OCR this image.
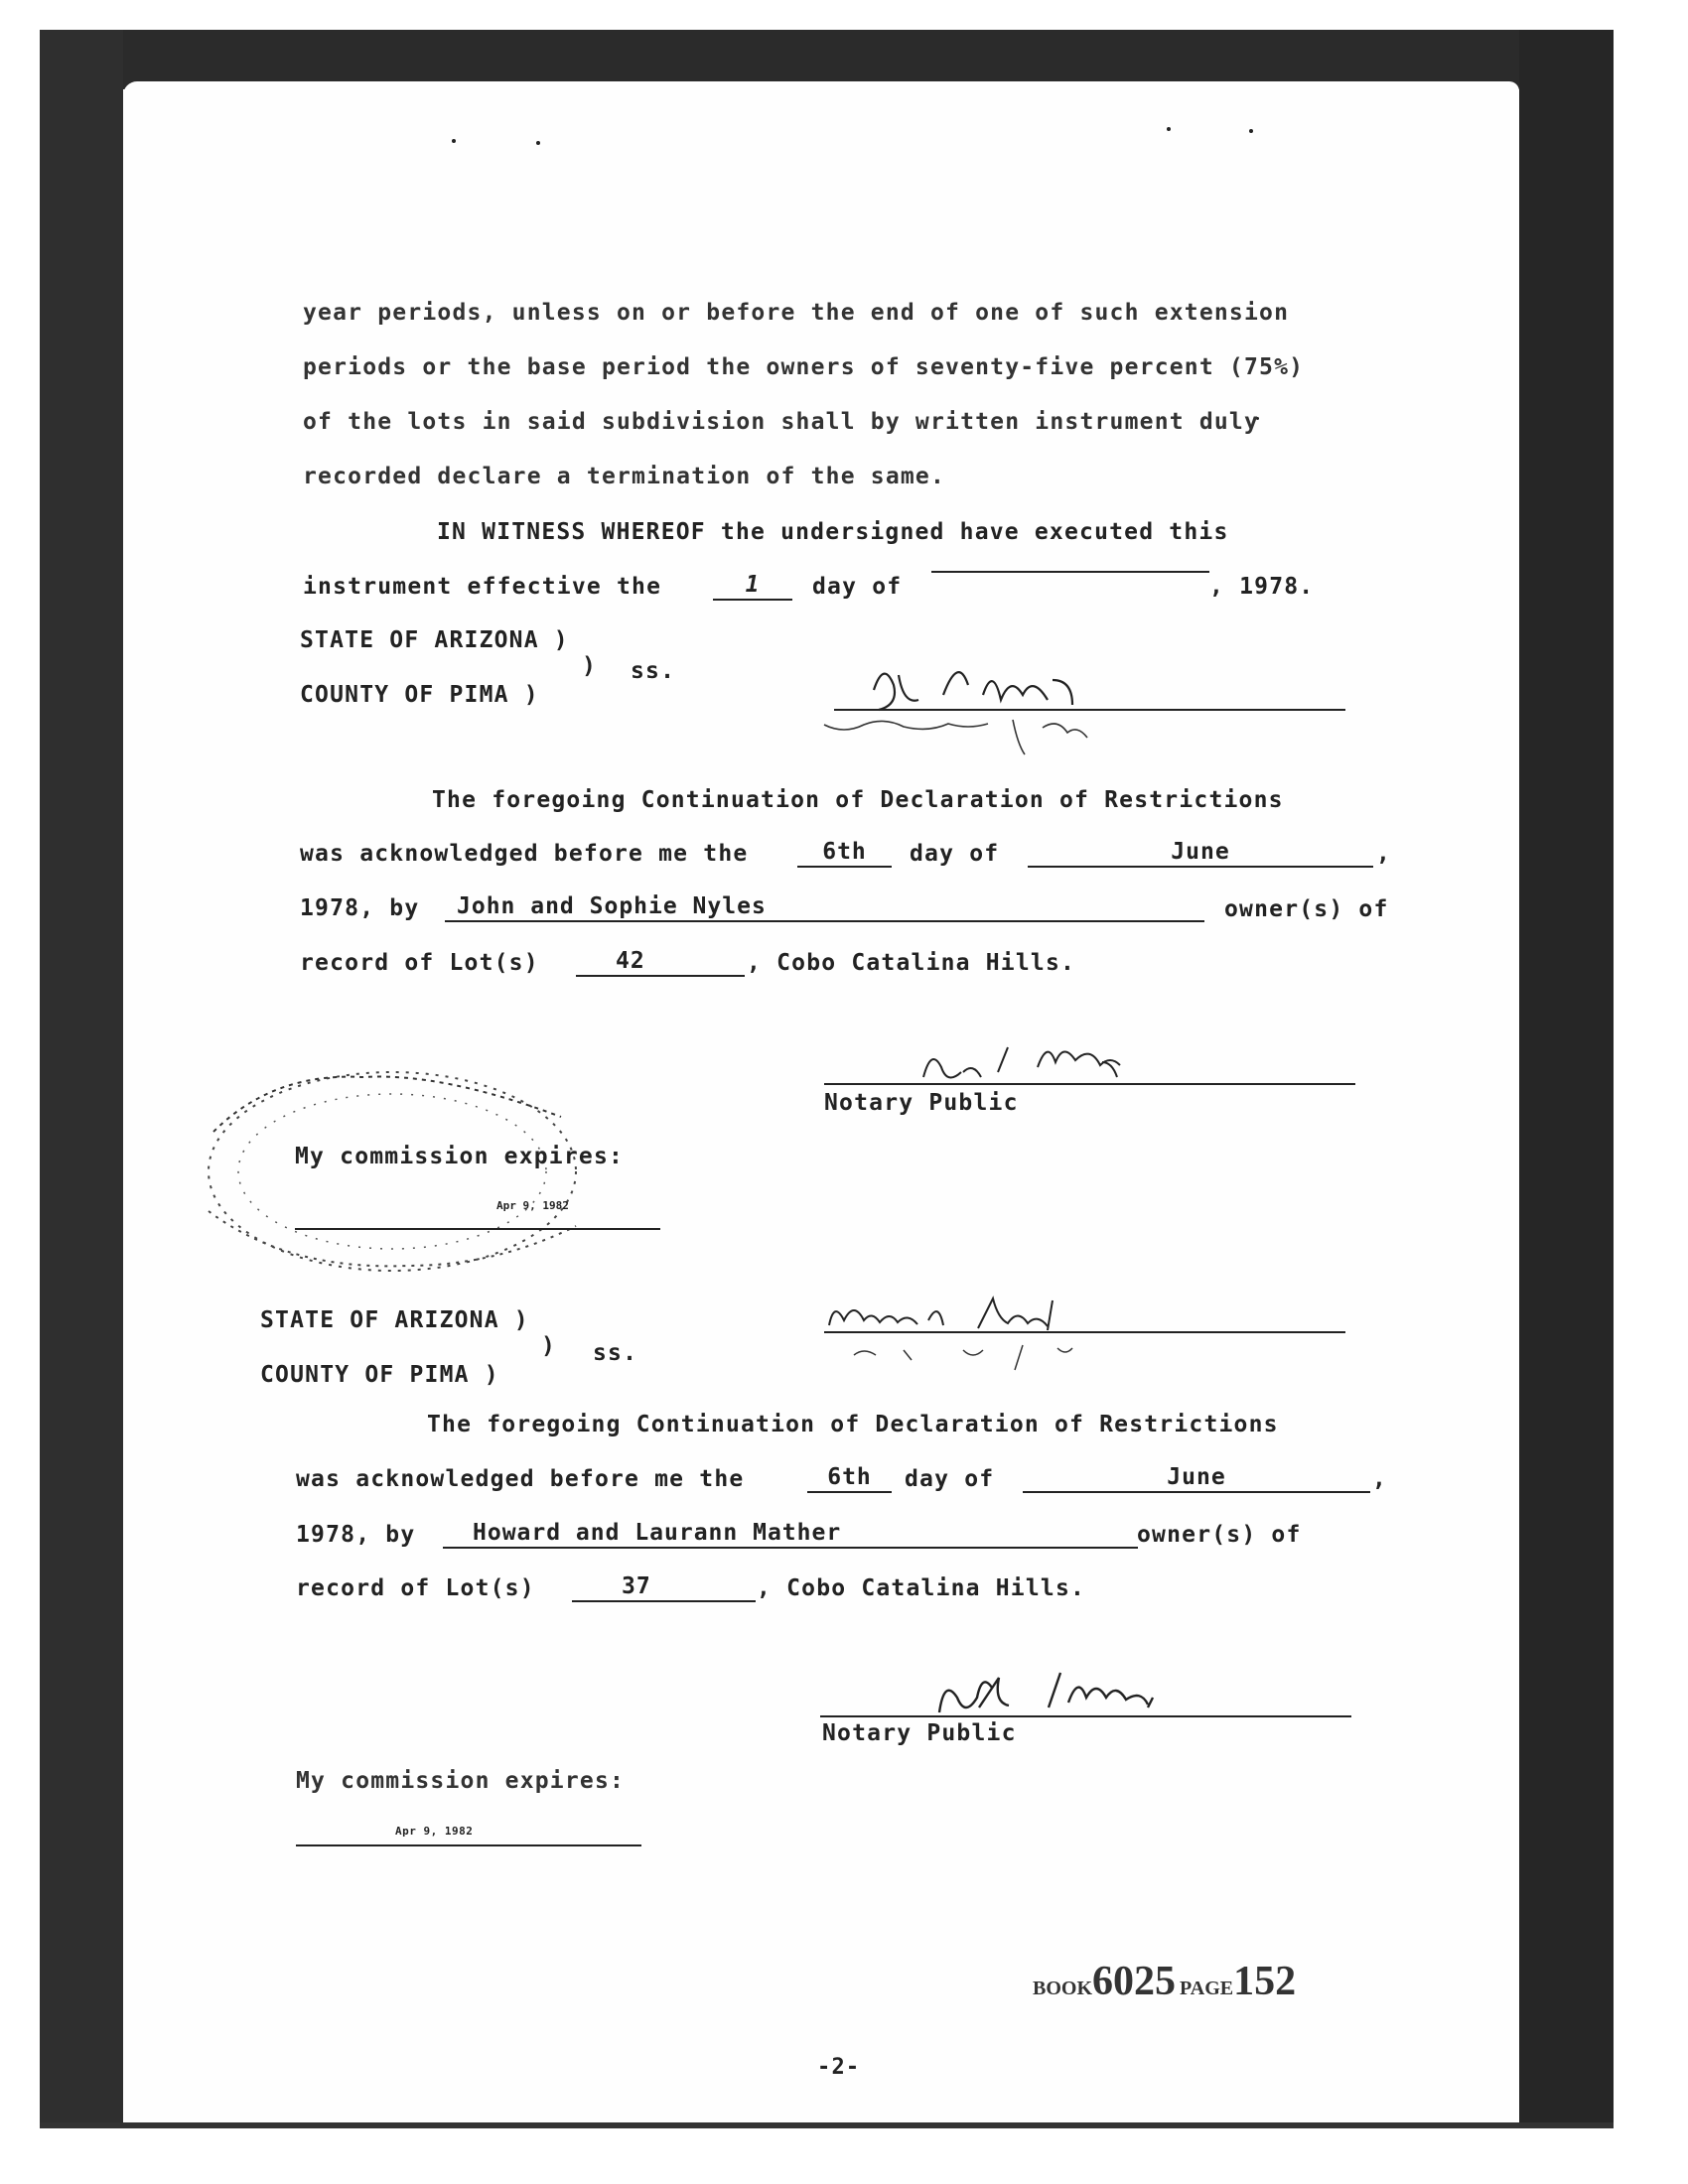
year periods, unless on or before the end of one of such extension
periods or the base period the owners of seventy-five percent (75%)
of the lots in said subdivision shall by written instrument duly
recorded declare a termination of the same.
IN WITNESS WHEREOF the undersigned have executed this
instrument effective the	1	day of	, 1978.
STATE OF ARIZONA )
) ss.
COUNTY OF PIMA )
The foregoing Continuation of Declaration of Restrictions
was acknowledged before me the	6th	day of	June	,
1978, by	John and Sophie Nyles	owner(s) of
record of Lot(s)	42	, Cobo Catalina Hills.
Notary Public
Apr 9, 1982
My commission expires:
STATE OF ARIZONA )
) ss.
COUNTY OF PIMA )
The foregoing Continuation of Declaration of Restrictions
was acknowledged before me the	6th	day of	June	,
1978, by	Howard and Laurann Mather	owner(s) of
record of Lot(s)	37	, Cobo Catalina Hills.
Notary Public
My commission expires:
Apr 9, 1982
BOOK6025 PAGE152
-2-
